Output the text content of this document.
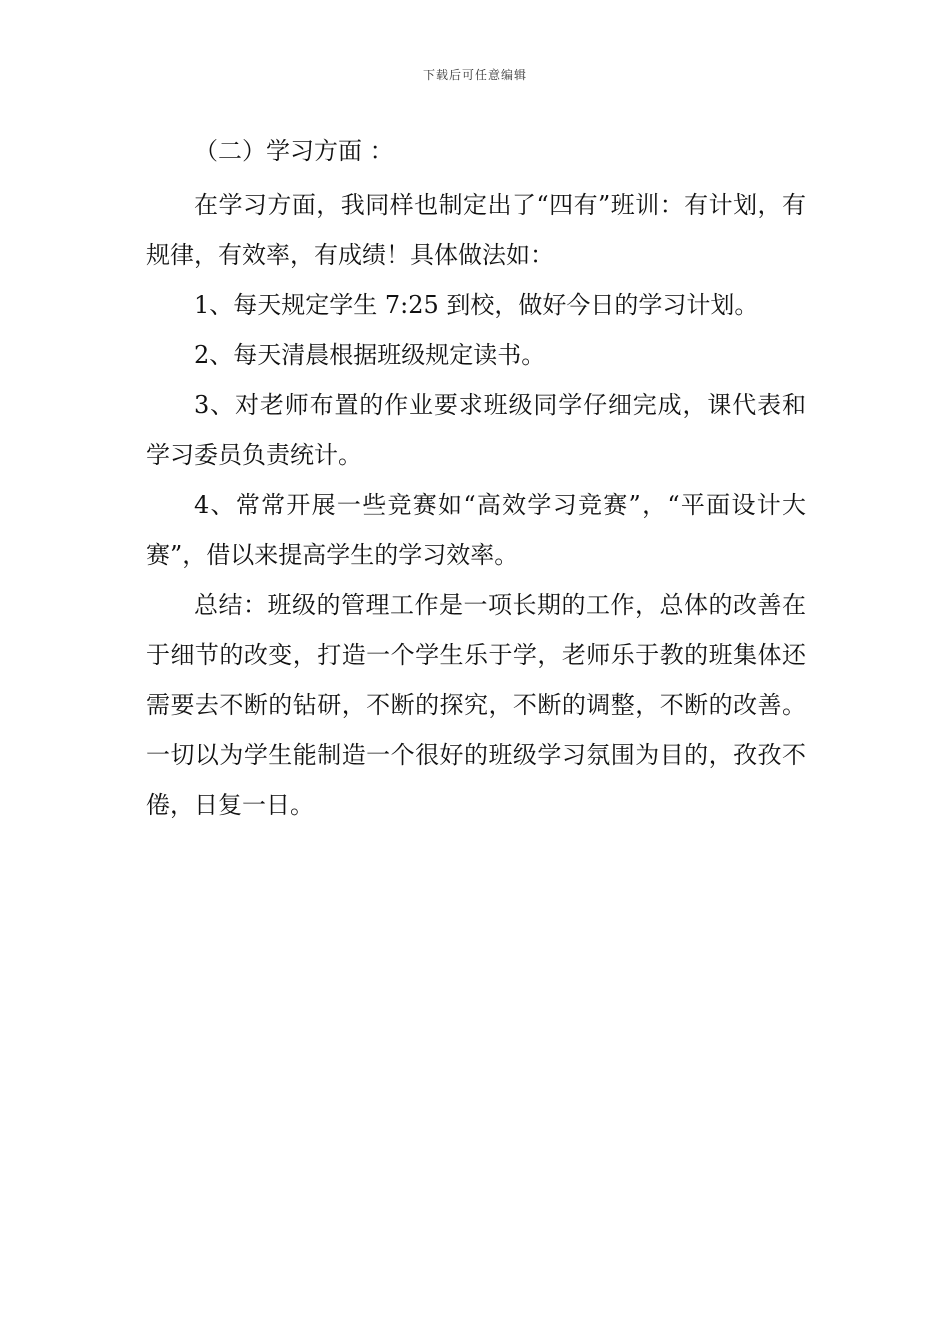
下载后可任意编辑

（二）学习方面 ：

在学习方面，我同样也制定出了“四有”班训：有计划，有规律，有效率，有成绩！具体做法如：

1、每天规定学生 7:25 到校，做好今日的学习计划。

2、每天清晨根据班级规定读书。

3、对老师布置的作业要求班级同学仔细完成，课代表和学习委员负责统计。

4、常常开展一些竞赛如“高效学习竞赛”，“平面设计大赛”，借以来提高学生的学习效率。

总结：班级的管理工作是一项长期的工作，总体的改善在于细节的改变，打造一个学生乐于学，老师乐于教的班集体还需要去不断的钻研，不断的探究，不断的调整，不断的改善。一切以为学生能制造一个很好的班级学习氛围为目的，孜孜不倦，日复一日。
